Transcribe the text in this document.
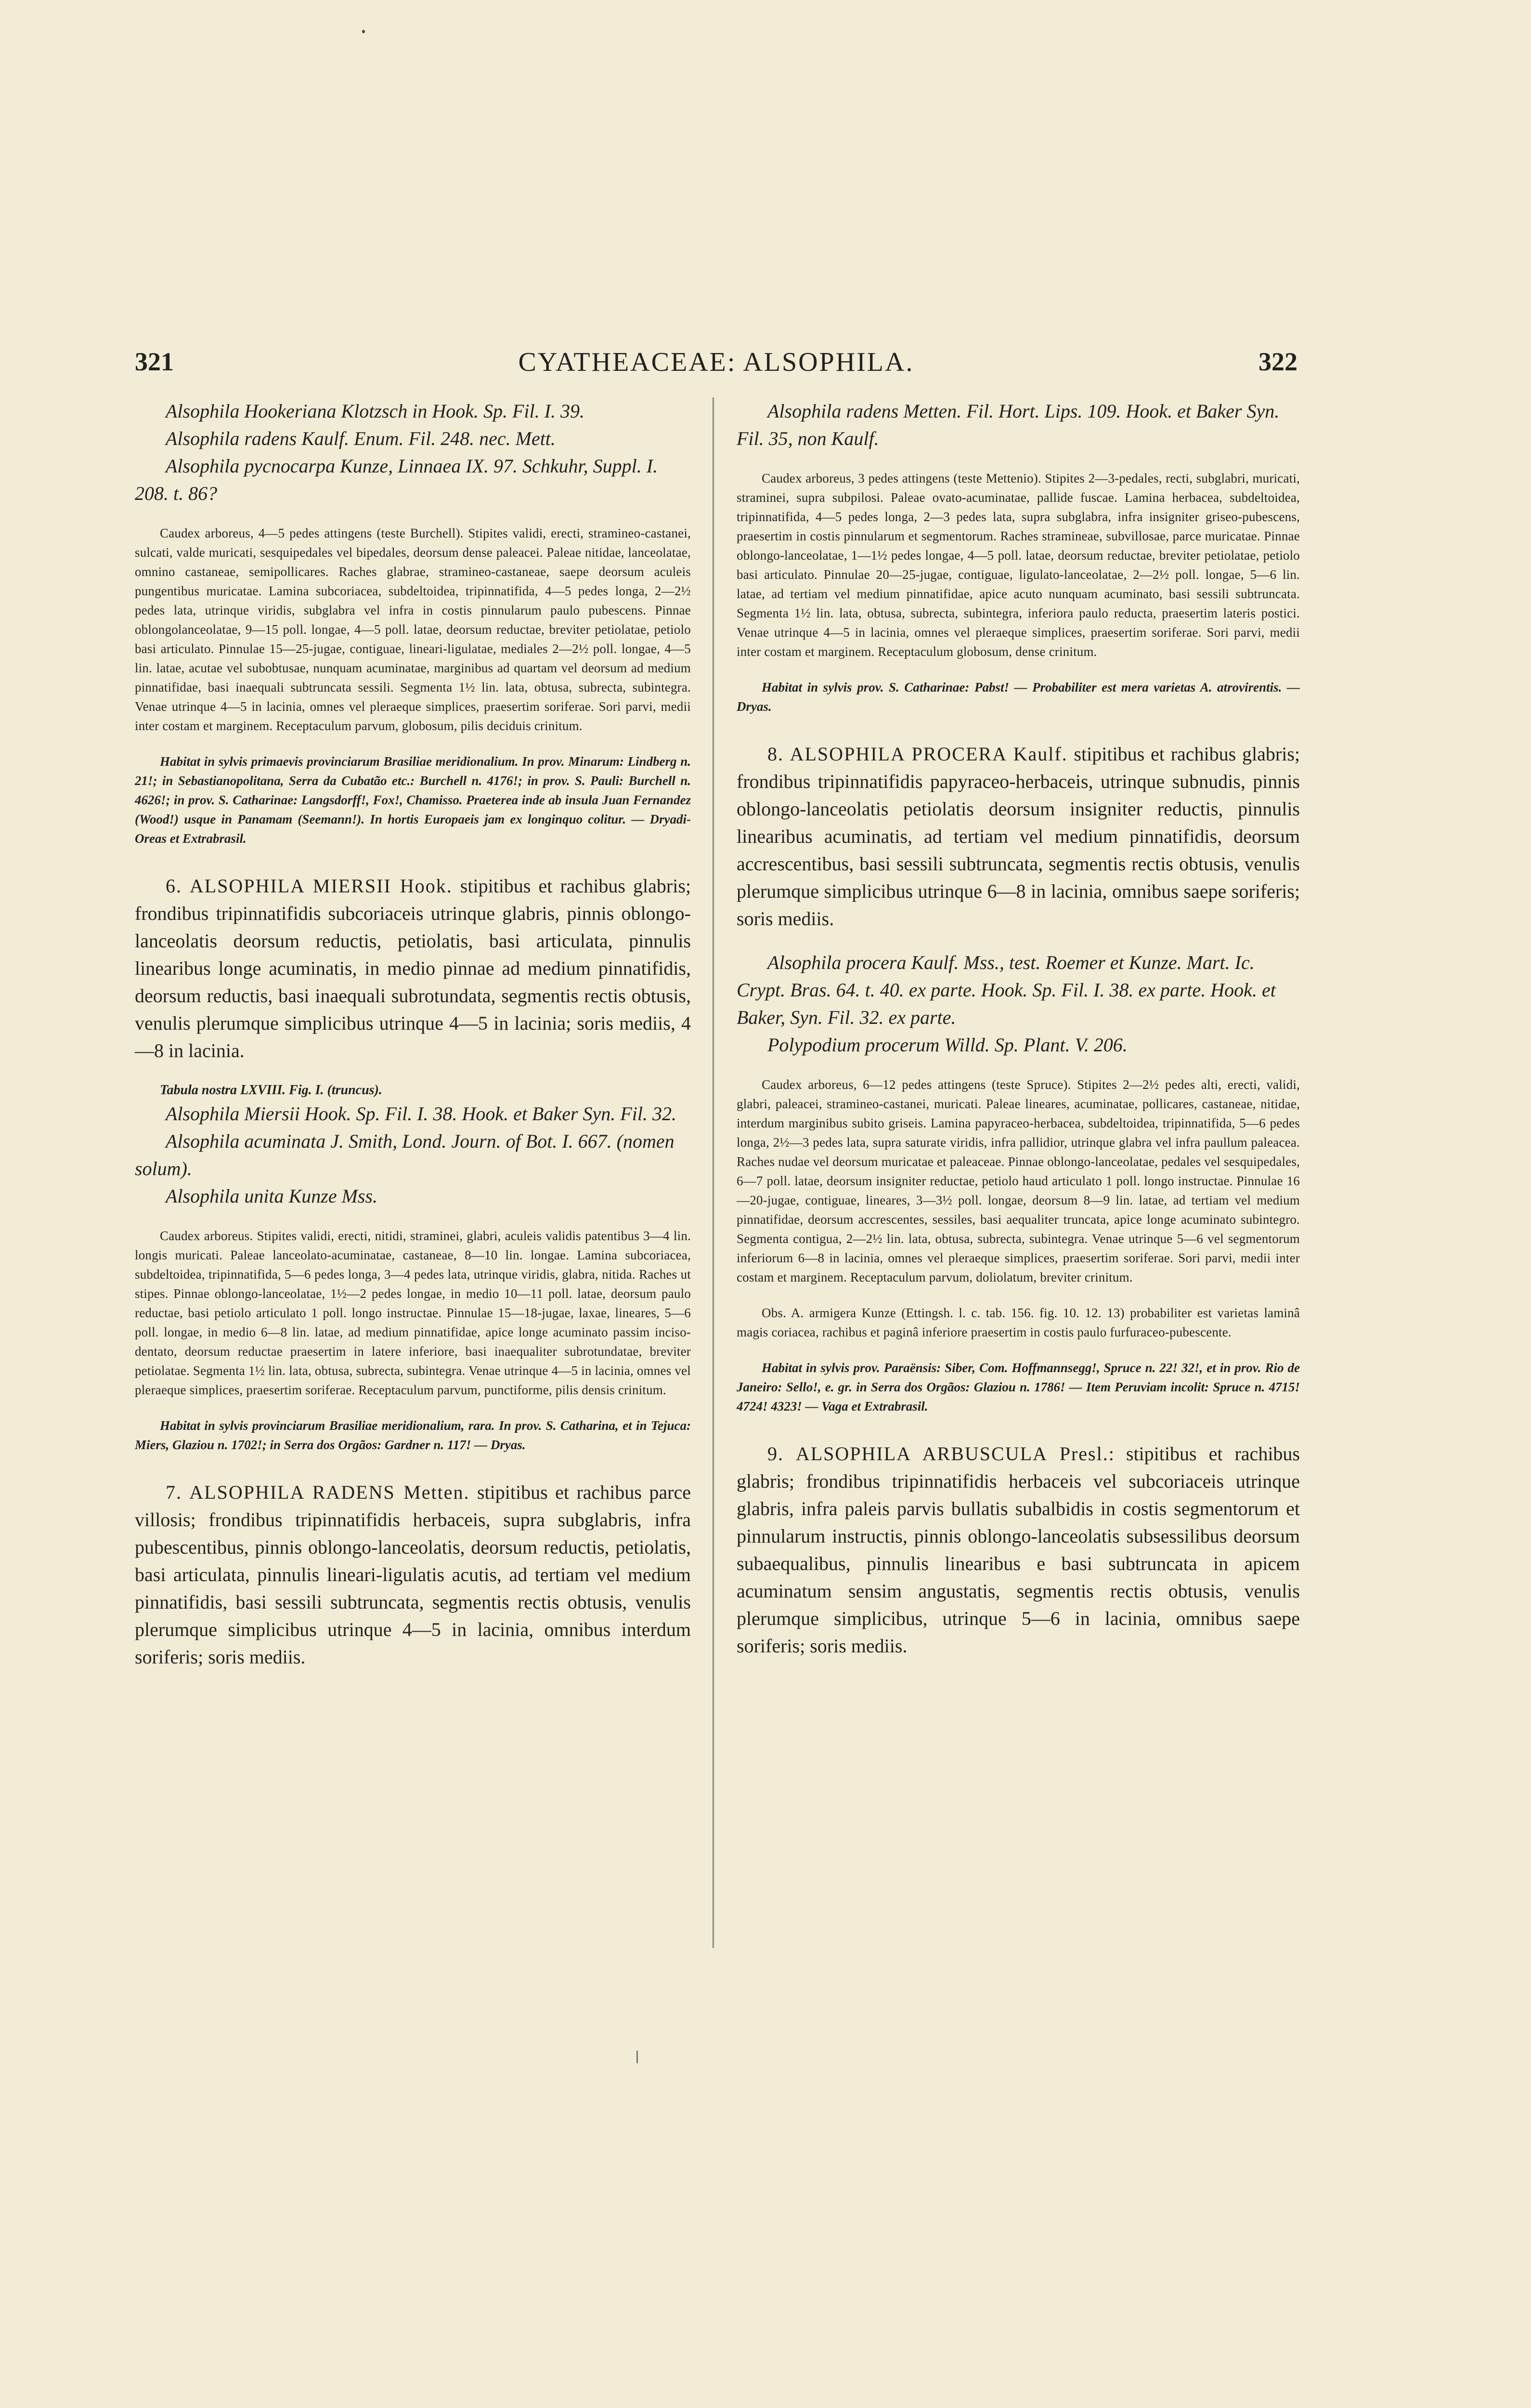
321	CYATHEACEAE: ALSOPHILA.	322
Alsophila Hookeriana Klotzsch in Hook. Sp. Fil. I. 39.
Alsophila radens Kaulf. Enum. Fil. 248. nec. Mett.
Alsophila pycnocarpa Kunze, Linnaea IX. 97. Schkuhr, Suppl. I. 208. t. 86?

Caudex arboreus, 4—5 pedes attingens (teste Burchell). Stipites validi, erecti, stramineo-castanei, sulcati, valde muricati, sesquipedales vel bipedales, deorsum dense paleacei. Paleae nitidae, lanceolatae, omnino castaneae, semipollicares. Raches glabrae, stramineo-castaneae, saepe deorsum aculeis pungentibus muricatae. Lamina subcoriacea, subdeltoidea, tripinnatifida, 4—5 pedes longa, 2—2½ pedes lata, utrinque viridis, subglabra vel infra in costis pinnularum paulo pubescens. Pinnae oblongolanceolatae, 9—15 poll. longae, 4—5 poll. latae, deorsum reductae, breviter petiolatae, petiolo basi articulato. Pinnulae 15—25-jugae, contiguae, lineari-ligulatae, mediales 2—2½ poll. longae, 4—5 lin. latae, acutae vel subobtusae, nunquam acuminatae, marginibus ad quartam vel deorsum ad medium pinnatifidae, basi inaequali subtruncata sessili. Segmenta 1½ lin. lata, obtusa, subrecta, subintegra. Venae utrinque 4—5 in lacinia, omnes vel pleraeque simplices, praesertim soriferae. Sori parvi, medii inter costam et marginem. Receptaculum parvum, globosum, pilis deciduis crinitum.

Habitat in sylvis primaevis provinciarum Brasiliae meridionalium. In prov. Minarum: Lindberg n. 21!; in Sebastianopolitana, Serra da Cubatão etc.: Burchell n. 4176!; in prov. S. Pauli: Burchell n. 4626!; in prov. S. Catharinae: Langsdorff!, Fox!, Chamisso. Praeterea inde ab insula Juan Fernandez (Wood!) usque in Panamam (Seemann!). In hortis Europaeis jam ex longinquo colitur. — Dryadi-Oreas et Extrabrasil.

6. ALSOPHILA MIERSII Hook. stipitibus et rachibus glabris; frondibus tripinnatifidis subcoriaceis utrinque glabris, pinnis oblongo-lanceolatis deorsum reductis, petiolatis, basi articulata, pinnulis linearibus longe acuminatis, in medio pinnae ad medium pinnatifidis, deorsum reductis, basi inaequali subrotundata, segmentis rectis obtusis, venulis plerumque simplicibus utrinque 4—5 in lacinia; soris mediis, 4—8 in lacinia.

Tabula nostra LXVIII. Fig. I. (truncus).

Alsophila Miersii Hook. Sp. Fil. I. 38. Hook. et Baker Syn. Fil. 32.
Alsophila acuminata J. Smith, Lond. Journ. of Bot. I. 667. (nomen solum).
Alsophila unita Kunze Mss.

Caudex arboreus. Stipites validi, erecti, nitidi, straminei, glabri, aculeis validis patentibus 3—4 lin. longis muricati. Paleae lanceolato-acuminatae, castaneae, 8—10 lin. longae. Lamina subcoriacea, subdeltoidea, tripinnatifida, 5—6 pedes longa, 3—4 pedes lata, utrinque viridis, glabra, nitida. Raches ut stipes. Pinnae oblongo-lanceolatae, 1½—2 pedes longae, in medio 10—11 poll. latae, deorsum paulo reductae, basi petiolo articulato 1 poll. longo instructae. Pinnulae 15—18-jugae, laxae, lineares, 5—6 poll. longae, in medio 6—8 lin. latae, ad medium pinnatifidae, apice longe acuminato passim inciso-dentato, deorsum reductae praesertim in latere inferiore, basi inaequaliter subrotundatae, breviter petiolatae. Segmenta 1½ lin. lata, obtusa, subrecta, subintegra. Venae utrinque 4—5 in lacinia, omnes vel pleraeque simplices, praesertim soriferae. Receptaculum parvum, punctiforme, pilis densis crinitum.

Habitat in sylvis provinciarum Brasiliae meridionalium, rara. In prov. S. Catharina, et in Tejuca: Miers, Glaziou n. 1702!; in Serra dos Orgãos: Gardner n. 117! — Dryas.

7. ALSOPHILA RADENS Metten. stipitibus et rachibus parce villosis; frondibus tripinnatifidis herbaceis, supra subglabris, infra pubescentibus, pinnis oblongo-lanceolatis, deorsum reductis, petiolatis, basi articulata, pinnulis lineari-ligulatis acutis, ad tertiam vel medium pinnatifidis, basi sessili subtruncata, segmentis rectis obtusis, venulis plerumque simplicibus utrinque 4—5 in lacinia, omnibus interdum soriferis; soris mediis.

Alsophila radens Metten. Fil. Hort. Lips. 109. Hook. et Baker Syn. Fil. 35, non Kaulf.

Caudex arboreus, 3 pedes attingens (teste Mettenio). Stipites 2—3-pedales, recti, subglabri, muricati, straminei, supra subpilosi. Paleae ovato-acuminatae, pallide fuscae. Lamina herbacea, subdeltoidea, tripinnatifida, 4—5 pedes longa, 2—3 pedes lata, supra subglabra, infra insigniter griseo-pubescens, praesertim in costis pinnularum et segmentorum. Raches stramineae, subvillosae, parce muricatae. Pinnae oblongo-lanceolatae, 1—1½ pedes longae, 4—5 poll. latae, deorsum reductae, breviter petiolatae, petiolo basi articulato. Pinnulae 20—25-jugae, contiguae, ligulato-lanceolatae, 2—2½ poll. longae, 5—6 lin. latae, ad tertiam vel medium pinnatifidae, apice acuto nunquam acuminato, basi sessili subtruncata. Segmenta 1½ lin. lata, obtusa, subrecta, subintegra, inferiora paulo reducta, praesertim lateris postici. Venae utrinque 4—5 in lacinia, omnes vel pleraeque simplices, praesertim soriferae. Sori parvi, medii inter costam et marginem. Receptaculum globosum, dense crinitum.

Habitat in sylvis prov. S. Catharinae: Pabst! — Probabiliter est mera varietas A. atrovirentis. — Dryas.

8. ALSOPHILA PROCERA Kaulf. stipitibus et rachibus glabris; frondibus tripinnatifidis papyraceo-herbaceis, utrinque subnudis, pinnis oblongo-lanceolatis petiolatis deorsum insigniter reductis, pinnulis linearibus acuminatis, ad tertiam vel medium pinnatifidis, deorsum accrescentibus, basi sessili subtruncata, segmentis rectis obtusis, venulis plerumque simplicibus utrinque 6—8 in lacinia, omnibus saepe soriferis; soris mediis.

Alsophila procera Kaulf. Mss., test. Roemer et Kunze. Mart. Ic. Crypt. Bras. 64. t. 40. ex parte. Hook. Sp. Fil. I. 38. ex parte. Hook. et Baker, Syn. Fil. 32. ex parte.
Polypodium procerum Willd. Sp. Plant. V. 206.

Caudex arboreus, 6—12 pedes attingens (teste Spruce). Stipites 2—2½ pedes alti, erecti, validi, glabri, paleacei, stramineo-castanei, muricati. Paleae lineares, acuminatae, pollicares, castaneae, nitidae, interdum marginibus subito griseis. Lamina papyraceo-herbacea, subdeltoidea, tripinnatifida, 5—6 pedes longa, 2½—3 pedes lata, supra saturate viridis, infra pallidior, utrinque glabra vel infra paullum paleacea. Raches nudae vel deorsum muricatae et paleaceae. Pinnae oblongo-lanceolatae, pedales vel sesquipedales, 6—7 poll. latae, deorsum insigniter reductae, petiolo haud articulato 1 poll. longo instructae. Pinnulae 16—20-jugae, contiguae, lineares, 3—3½ poll. longae, deorsum 8—9 lin. latae, ad tertiam vel medium pinnatifidae, deorsum accrescentes, sessiles, basi aequaliter truncata, apice longe acuminato subintegro. Segmenta contigua, 2—2½ lin. lata, obtusa, subrecta, subintegra. Venae utrinque 5—6 vel segmentorum inferiorum 6—8 in lacinia, omnes vel pleraeque simplices, praesertim soriferae. Sori parvi, medii inter costam et marginem. Receptaculum parvum, doliolatum, breviter crinitum.

Obs. A. armigera Kunze (Ettingsh. l. c. tab. 156. fig. 10. 12. 13) probabiliter est varietas laminâ magis coriacea, rachibus et paginâ inferiore praesertim in costis paulo furfuraceo-pubescente.

Habitat in sylvis prov. Paraënsis: Siber, Com. Hoffmannsegg!, Spruce n. 22! 32!, et in prov. Rio de Janeiro: Sello!, e. gr. in Serra dos Orgãos: Glaziou n. 1786! — Item Peruviam incolit: Spruce n. 4715! 4724! 4323! — Vaga et Extrabrasil.

9. ALSOPHILA ARBUSCULA Presl.: stipitibus et rachibus glabris; frondibus tripinnatifidis herbaceis vel subcoriaceis utrinque glabris, infra paleis parvis bullatis subalbidis in costis segmentorum et pinnularum instructis, pinnis oblongo-lanceolatis subsessilibus deorsum subaequalibus, pinnulis linearibus e basi subtruncata in apicem acuminatum sensim angustatis, segmentis rectis obtusis, venulis plerumque simplicibus, utrinque 5—6 in lacinia, omnibus saepe soriferis; soris mediis.
